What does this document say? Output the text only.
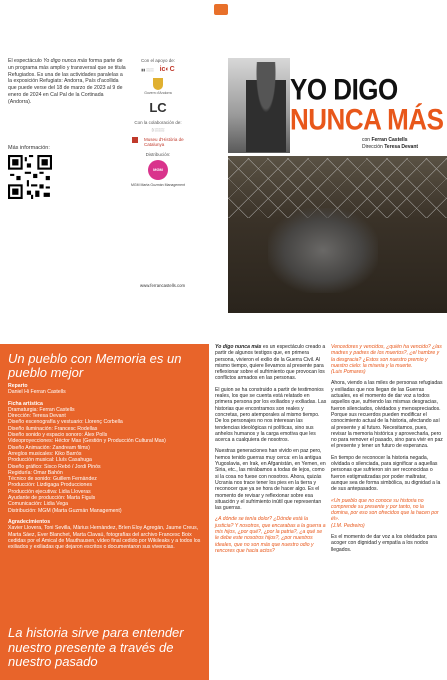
El espectáculo Yo digo nunca más forma parte de un programa más amplio y transversal que se titula Refugiados. Es una de las actividades paralelas a la exposición Refugiats: Andorra, País d'acollida que puede verse del 18 de marzo de 2023 al 9 de enero de 2024 en Cal Pal de la Cortinada (Andorra).
Más información:
Con el apoyo de:
▮▮ ░░░ ic◐C
Govern d'Andorra
LC
Con la colaboración de:
▯ ░░░░
Museu d'Història de Catalunya
Distribución:
MGM
MGM Marta Guzmán Management
www.ferrancastells.com
YO DIGO
NUNCA MÁS
con Ferran Castells
Dirección Teresa Devant
Un pueblo con Memoria es un pueblo mejor
Reparto
Daniel Hi Ferran Castells
Ficha artística
Dramaturgia: Ferran Castells
Dirección: Teresa Devant
Diseño escenografía y vestuario: Llorenç Corbella
Diseño iluminación: Francesc Rodellas
Diseño sonido y espacio sonoro: Àlex Polls
Videoproyecciones: Héctor Mas (Gestión y Producción Cultural Mas)
Diseño Animación: Zandream films)
Arreglos musicales: Kiko Barrós
Producción musical: Lluís Casahuga
Diseño gráfico: Sisco Rebó / Jordi Pinós
Regiduría: Omar Bahón
Técnico de sonido: Guillem Fernàndez
Producción: Lizdigaga Producciones
Producción ejecutiva: Lidia Lloveras
Ayudante de producción: Marta Figuls
Comunicación: Lidia Vega
Distribución: MGM (Marta Guzmán Management)
Agradecimientos
Xavier Llovera, Toni Sevilla, Màrius Hernàndez, Bríen Eloy Agregán, Jaume Creus, Marta Sáez, Ever Blanchet, Marta Clavaú, fotografías del archivo Francesc Boix cedidas por el Amical de Mauthausen, vídeo final cedido por Wikileaks y a todos los exiliados y exiliadas que dejaron escritos o documentaron sus vivencias.
La historia sirve para entender nuestro presente a través de nuestro pasado

Yo digo nunca más es un espectáculo creado a partir de algunos testigos que, en primera persona, vivieron el exilio de la Guerra Civil. Al mismo tiempo, quiere llevarnos al presente para reflexionar sobre el sufrimiento que provocan los conflictos armados en las personas.

El guion se ha construido a partir de testimonios reales, los que se cuenta está relatado en primera persona por los exiliados y exiliadas. Las historias que encontramos son reales y concretas, pero atemporales al mismo tiempo. De los personajes no nos interesan las tendencias ideológicas ni políticas, sino sus anhelos humanos y la carga emotiva que les acerca a cualquiera de nosotros.

Nuestras generaciones han vivido en paz pero, hemos tenido guerras muy cerca: en la antigua Yugoslavia, en Irak, en Afganistán, en Yemen, en Siria, etc., las mirábamos a todas de lejos, como si la cosa no fuese con nosotros. Ahora, quizás Ucrania nos trace tener los pies en la tierra y reconocer que ya se hora de hacer algo. Es el momento de revisar y reflexionar sobre esa situación y el sufrimiento inútil que representan las guerras.

¿A dónde se tenía dolor? ¿Dónde está la justicia? Y nosotros, que encarabas a la guerra a mis hijos, ¿por qué?, ¿por la patria?, ¿a qué se le debe este nosotros hijos?, ¿por nuestros ideales, que no son más que nuestro odio y rencores que hacia actos?

Vencedores y vencidos, ¿quién ha vencido? ¿las madres y padres de los muertos?, ¿el hambre y la desgracia? ¿Estos son nuestro premio y nuestro cielo: la miseria y la muerte.
(Luis Pomares)

Ahora, viendo a las miles de personas refugiadas y exiliadas que nos llegan de las Guerras actuales, es el momento de dar voz a todos aquellos que, sufriendo las mismas desgracias, fueron silenciados, olvidados y menospreciados. Porque sus recuerdos pueden modificar el conocimiento actual de la historia, afectando así al presente y al futuro. Necesitamos, pues, revisar la memoria histórica y aprovecharla, pero no para remover el pasado, sino para vivir en paz el presente y tener un futuro de esperanza.

En tiempo de reconocer la historia negada, olvidada o silenciada, para significar a aquellas personas que sufrieron sin ser reconocidas o fueron estigmatizadas por poder maltratar, aunque sea de forma simbólica, su dignidad a la de sus antepasados.

«Un pueblo que no conoce su historia no comprende su presente y por tanto, no la domina, por eso son ofrecidos que la hacen por él».
(J.M. Pedreiro)

Es el momento de dar voz a los olvidados para acoger con dignidad y empatía a los nodos llegados.
